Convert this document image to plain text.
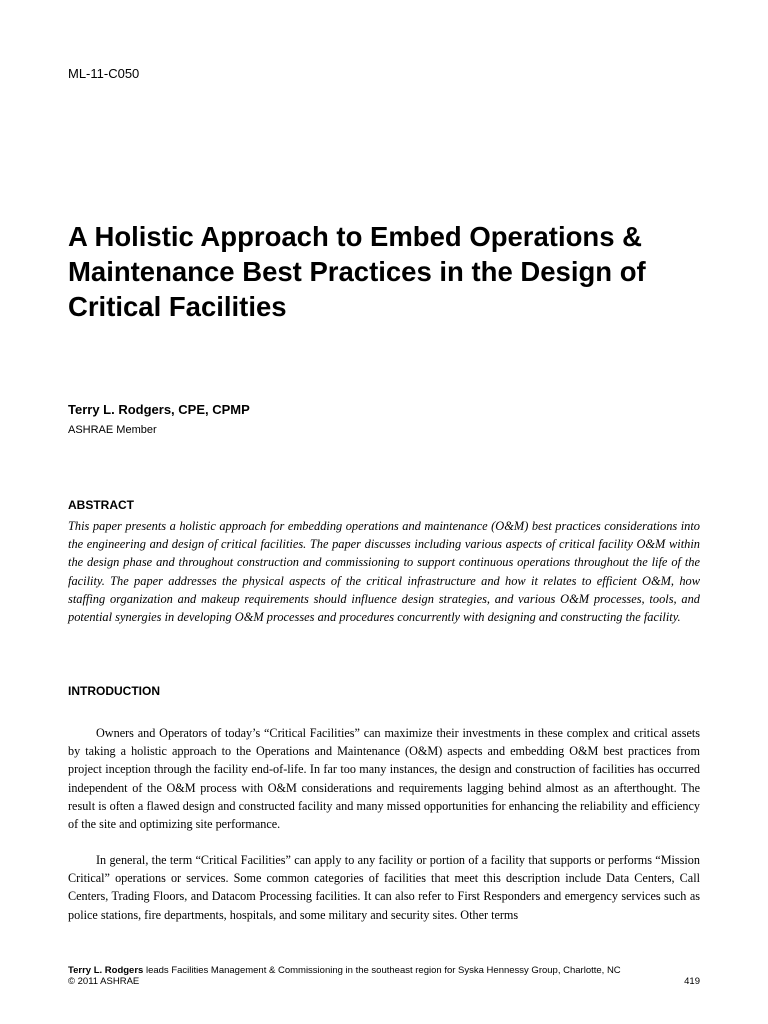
ML-11-C050
A Holistic Approach to Embed Operations & Maintenance Best Practices in the Design of Critical Facilities
Terry L. Rodgers, CPE, CPMP
ASHRAE Member
ABSTRACT

This paper presents a holistic approach for embedding operations and maintenance (O&M) best practices considerations into the engineering and design of critical facilities. The paper discusses including various aspects of critical facility O&M within the design phase and throughout construction and commissioning to support continuous operations throughout the life of the facility. The paper addresses the physical aspects of the critical infrastructure and how it relates to efficient O&M, how staffing organization and makeup requirements should influence design strategies, and various O&M processes, tools, and potential synergies in developing O&M processes and procedures concurrently with designing and constructing the facility.

INTRODUCTION

Owners and Operators of today’s “Critical Facilities” can maximize their investments in these complex and critical assets by taking a holistic approach to the Operations and Maintenance (O&M) aspects and embedding O&M best practices from project inception through the facility end-of-life. In far too many instances, the design and construction of facilities has occurred independent of the O&M process with O&M considerations and requirements lagging behind almost as an afterthought. The result is often a flawed design and constructed facility and many missed opportunities for enhancing the reliability and efficiency of the site and optimizing site performance.

In general, the term “Critical Facilities” can apply to any facility or portion of a facility that supports or performs “Mission Critical” operations or services. Some common categories of facilities that meet this description include Data Centers, Call Centers, Trading Floors, and Datacom Processing facilities. It can also refer to First Responders and emergency services such as police stations, fire departments, hospitals, and some military and security sites. Other terms

Terry L. Rodgers leads Facilities Management & Commissioning in the southeast region for Syska Hennessy Group, Charlotte, NC
© 2011 ASHRAE	419
